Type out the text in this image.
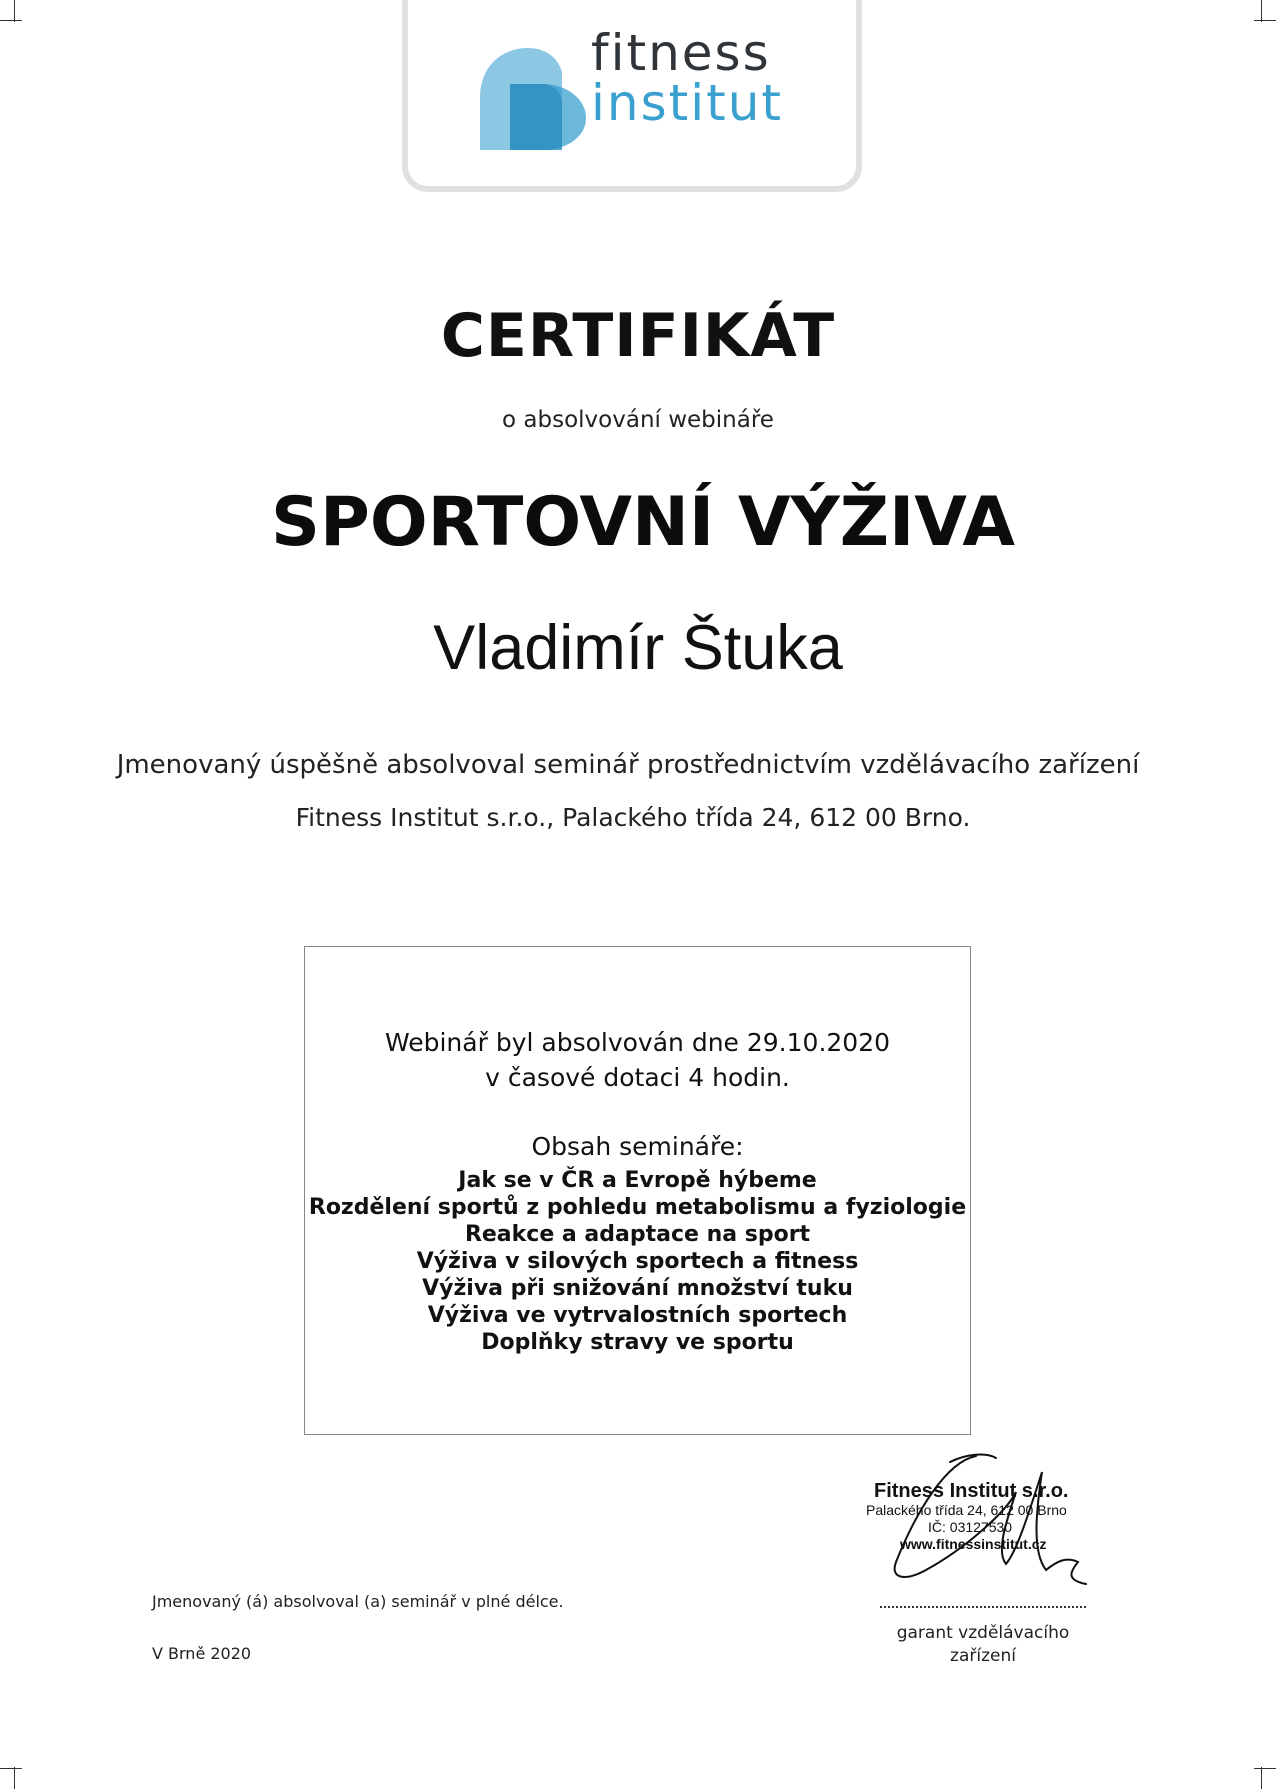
fitness
institut
CERTIFIKÁT
o absolvování webináře
SPORTOVNÍ VÝŽIVA
Vladimír Štuka
Jmenovaný úspěšně absolvoval seminář prostřednictvím vzdělávacího zařízení
Fitness Institut s.r.o., Palackého třída 24, 612 00 Brno.
Webinář byl absolvován dne 29.10.2020
v časové dotaci 4 hodin.
Obsah semináře:
Jak se v ČR a Evropě hýbeme
Rozdělení sportů z pohledu metabolismu a fyziologie
Reakce a adaptace na sport
Výživa v silových sportech a fitness
Výživa při snižování množství tuku
Výživa ve vytrvalostních sportech
Doplňky stravy ve sportu
Fitness Institut s.r.o.
Palackého třída 24, 612 00 Brno
IČ: 03127530
www.fitnessinstitut.cz
garant vzdělávacího zařízení
Jmenovaný (á) absolvoval (a) seminář v plné délce.
V Brně 2020
